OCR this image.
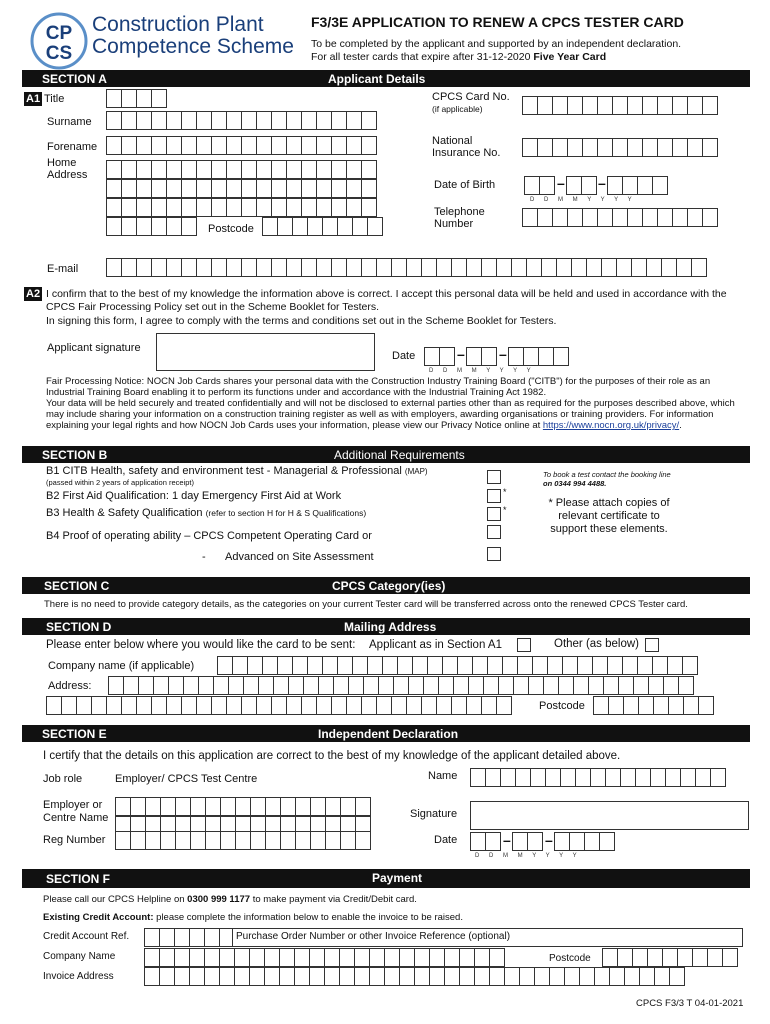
CP
CS
Construction Plant
Competence Scheme
F3/3E APPLICATION TO RENEW A CPCS TESTER CARD
To be completed by the applicant and supported by an independent declaration.
For all tester cards that expire after 31-12-2020 Five Year Card
SECTION A	Applicant Details
A1 Title
Surname
Forename
Home
Address
Postcode
CPCS Card No.
(if applicable)
National
Insurance No.
Date of Birth	– –
D D M M Y Y Y Y
Telephone
Number
E-mail
A2 I confirm that to the best of my knowledge the information above is correct. I accept this personal data will be held and used in accordance with the CPCS Fair Processing Policy set out in the Scheme Booklet for Testers.

In signing this form, I agree to comply with the terms and conditions set out in the Scheme Booklet for Testers.

Applicant signature
Date	– –
D D M M Y Y Y Y

Fair Processing Notice: NOCN Job Cards shares your personal data with the Construction Industry Training Board ("CITB") for the purposes of their role as an Industrial Training Board enabling it to perform its functions under and accordance with the Industrial Training Act 1982.

Your data will be held securely and treated confidentially and will not be disclosed to external parties other than as required for the purposes described above, which may include sharing your information on a construction training register as well as with employers, awarding organisations or training providers. For information explaining your legal rights and how NOCN Job Cards uses your information, please view our Privacy Notice online at https://www.nocn.org.uk/privacy/.

SECTION B	Additional Requirements
B1 CITB Health, safety and environment test - Managerial & Professional (MAP)
(passed within 2 years of application receipt)
B2 First Aid Qualification: 1 day Emergency First Aid at Work
B3 Health & Safety Qualification (refer to section H for H & S Qualifications)
B4 Proof of operating ability – CPCS Competent Operating Card or
- Advanced on Site Assessment
*
*
To book a test contact the booking line
on 0344 994 4488.
* Please attach copies of
relevant certificate to
support these elements.
SECTION C	CPCS Category(ies)
There is no need to provide category details, as the categories on your current Tester card will be transferred across onto the renewed CPCS Tester card.
SECTION D	Mailing Address
Please enter below where you would like the card to be sent: Applicant as in Section A1	Other (as below)
Company name (if applicable)
Address:
Postcode
SECTION E	Independent Declaration
I certify that the details on this application are correct to the best of my knowledge of the applicant detailed above.
Job role	Employer/ CPCS Test Centre	Name
Employer or
Centre Name	Signature
Reg Number	Date	– –
D D M M Y Y Y Y
SECTION F	Payment
Please call our CPCS Helpline on 0300 999 1177 to make payment via Credit/Debit card.
Existing Credit Account: please complete the information below to enable the invoice to be raised.
Credit Account Ref.	Purchase Order Number or other Invoice Reference (optional)
Company Name	Postcode
Invoice Address
CPCS F3/3 T 04-01-2021
